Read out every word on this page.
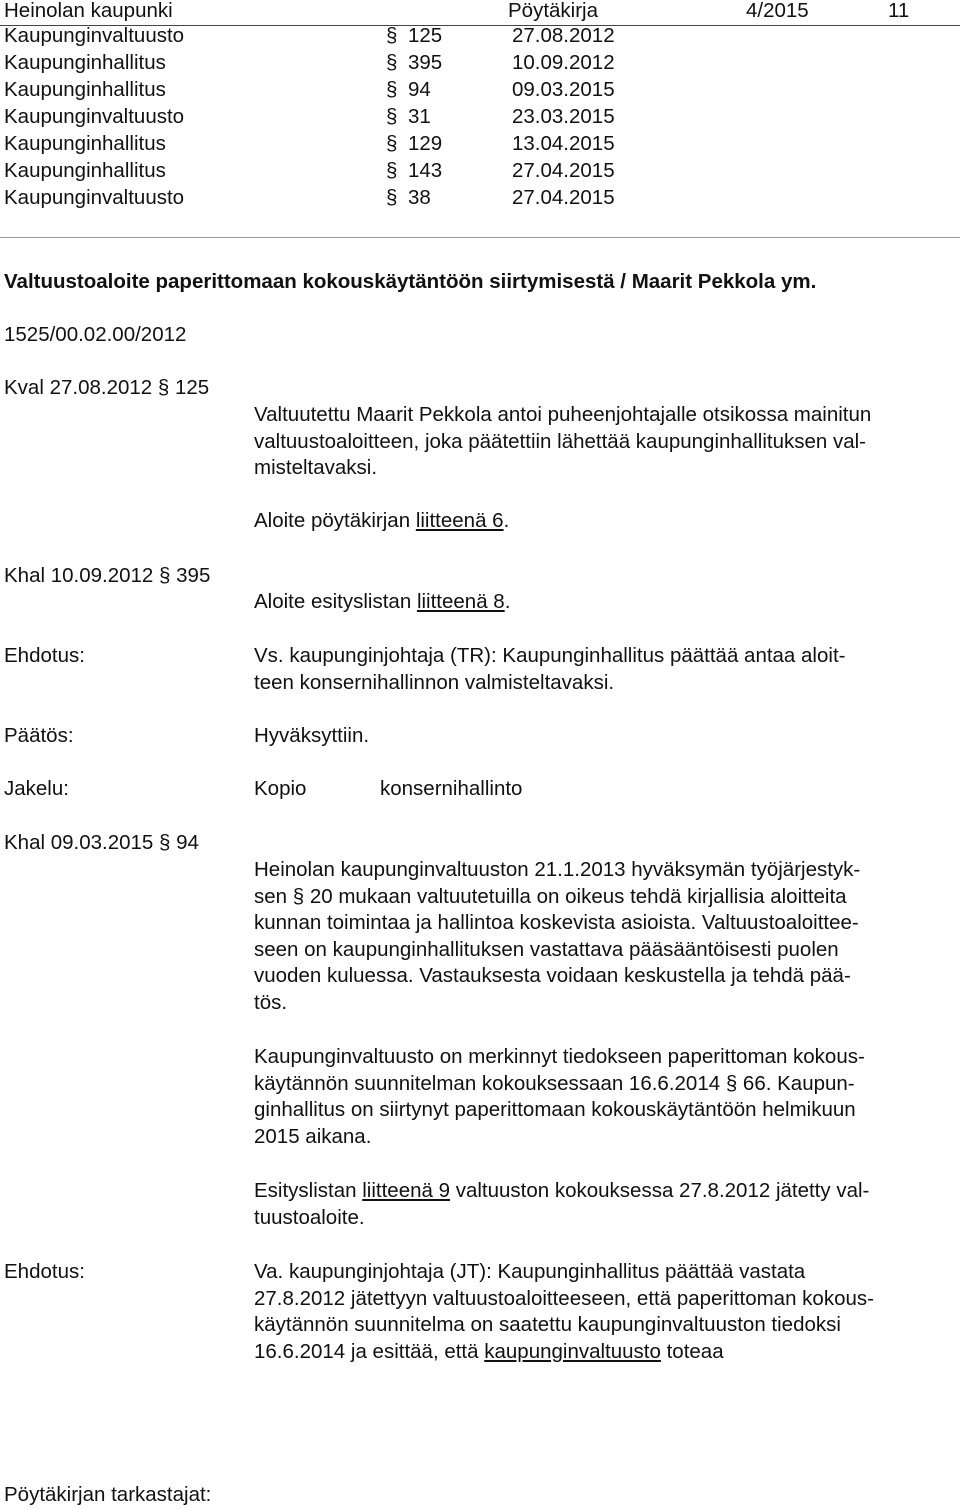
Heinolan kaupunki	Pöytäkirja	4/2015	11
Kaupunginvaltuusto	§ 125	27.08.2012
Kaupunginhallitus	§ 395	10.09.2012
Kaupunginhallitus	§ 94	09.03.2015
Kaupunginvaltuusto	§ 31	23.03.2015
Kaupunginhallitus	§ 129	13.04.2015
Kaupunginhallitus	§ 143	27.04.2015
Kaupunginvaltuusto	§ 38	27.04.2015
Valtuustoaloite paperittomaan kokouskäytäntöön siirtymisestä / Maarit Pekkola ym.
1525/00.02.00/2012
Kval 27.08.2012 § 125
Valtuutettu Maarit Pekkola antoi puheenjohtajalle otsikossa mainitun
valtuustoaloitteen, joka päätettiin lähettää kaupunginhallituksen val-
misteltavaksi.
Aloite pöytäkirjan liitteenä 6.
Khal 10.09.2012 § 395
Aloite esityslistan liitteenä 8.
Ehdotus:	Vs. kaupunginjohtaja (TR): Kaupunginhallitus päättää antaa aloit-
teen konsernihallinnon valmisteltavaksi.
Päätös:	Hyväksyttiin.
Jakelu:	Kopio	konsernihallinto
Khal 09.03.2015 § 94
Heinolan kaupunginvaltuuston 21.1.2013 hyväksymän työjärjestyk-
sen § 20 mukaan valtuutetuilla on oikeus tehdä kirjallisia aloitteita
kunnan toimintaa ja hallintoa koskevista asioista. Valtuustoaloittee-
seen on kaupunginhallituksen vastattava pääsääntöisesti puolen
vuoden kuluessa. Vastauksesta voidaan keskustella ja tehdä pää-
tös.
Kaupunginvaltuusto on merkinnyt tiedokseen paperittoman kokous-
käytännön suunnitelman kokouksessaan 16.6.2014 § 66. Kaupun-
ginhallitus on siirtynyt paperittomaan kokouskäytäntöön helmikuun
2015 aikana.
Esityslistan liitteenä 9 valtuuston kokouksessa 27.8.2012 jätetty val-
tuustoaloite.
Ehdotus:	Va. kaupunginjohtaja (JT): Kaupunginhallitus päättää vastata
27.8.2012 jätettyyn valtuustoaloitteeseen, että paperittoman kokous-
käytännön suunnitelma on saatettu kaupunginvaltuuston tiedoksi
16.6.2014 ja esittää, että kaupunginvaltuusto toteaa
Pöytäkirjan tarkastajat:
